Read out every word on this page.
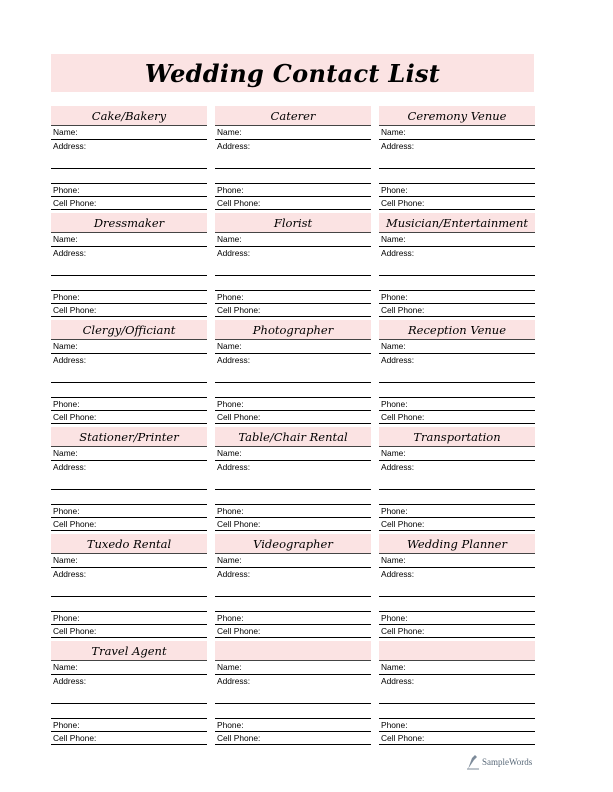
Wedding Contact List
Cake/Bakery
Name:
Address:
Phone:
Cell Phone:
Caterer
Name:
Address:
Phone:
Cell Phone:
Ceremony Venue
Name:
Address:
Phone:
Cell Phone:
Dressmaker
Name:
Address:
Phone:
Cell Phone:
Florist
Name:
Address:
Phone:
Cell Phone:
Musician/Entertainment
Name:
Address:
Phone:
Cell Phone:
Clergy/Officiant
Name:
Address:
Phone:
Cell Phone:
Photographer
Name:
Address:
Phone:
Cell Phone:
Reception Venue
Name:
Address:
Phone:
Cell Phone:
Stationer/Printer
Name:
Address:
Phone:
Cell Phone:
Table/Chair Rental
Name:
Address:
Phone:
Cell Phone:
Transportation
Name:
Address:
Phone:
Cell Phone:
Tuxedo Rental
Name:
Address:
Phone:
Cell Phone:
Videographer
Name:
Address:
Phone:
Cell Phone:
Wedding Planner
Name:
Address:
Phone:
Cell Phone:
Travel Agent
Name:
Address:
Phone:
Cell Phone:
Name:
Address:
Phone:
Cell Phone:
Name:
Address:
Phone:
Cell Phone:
SampleWords
